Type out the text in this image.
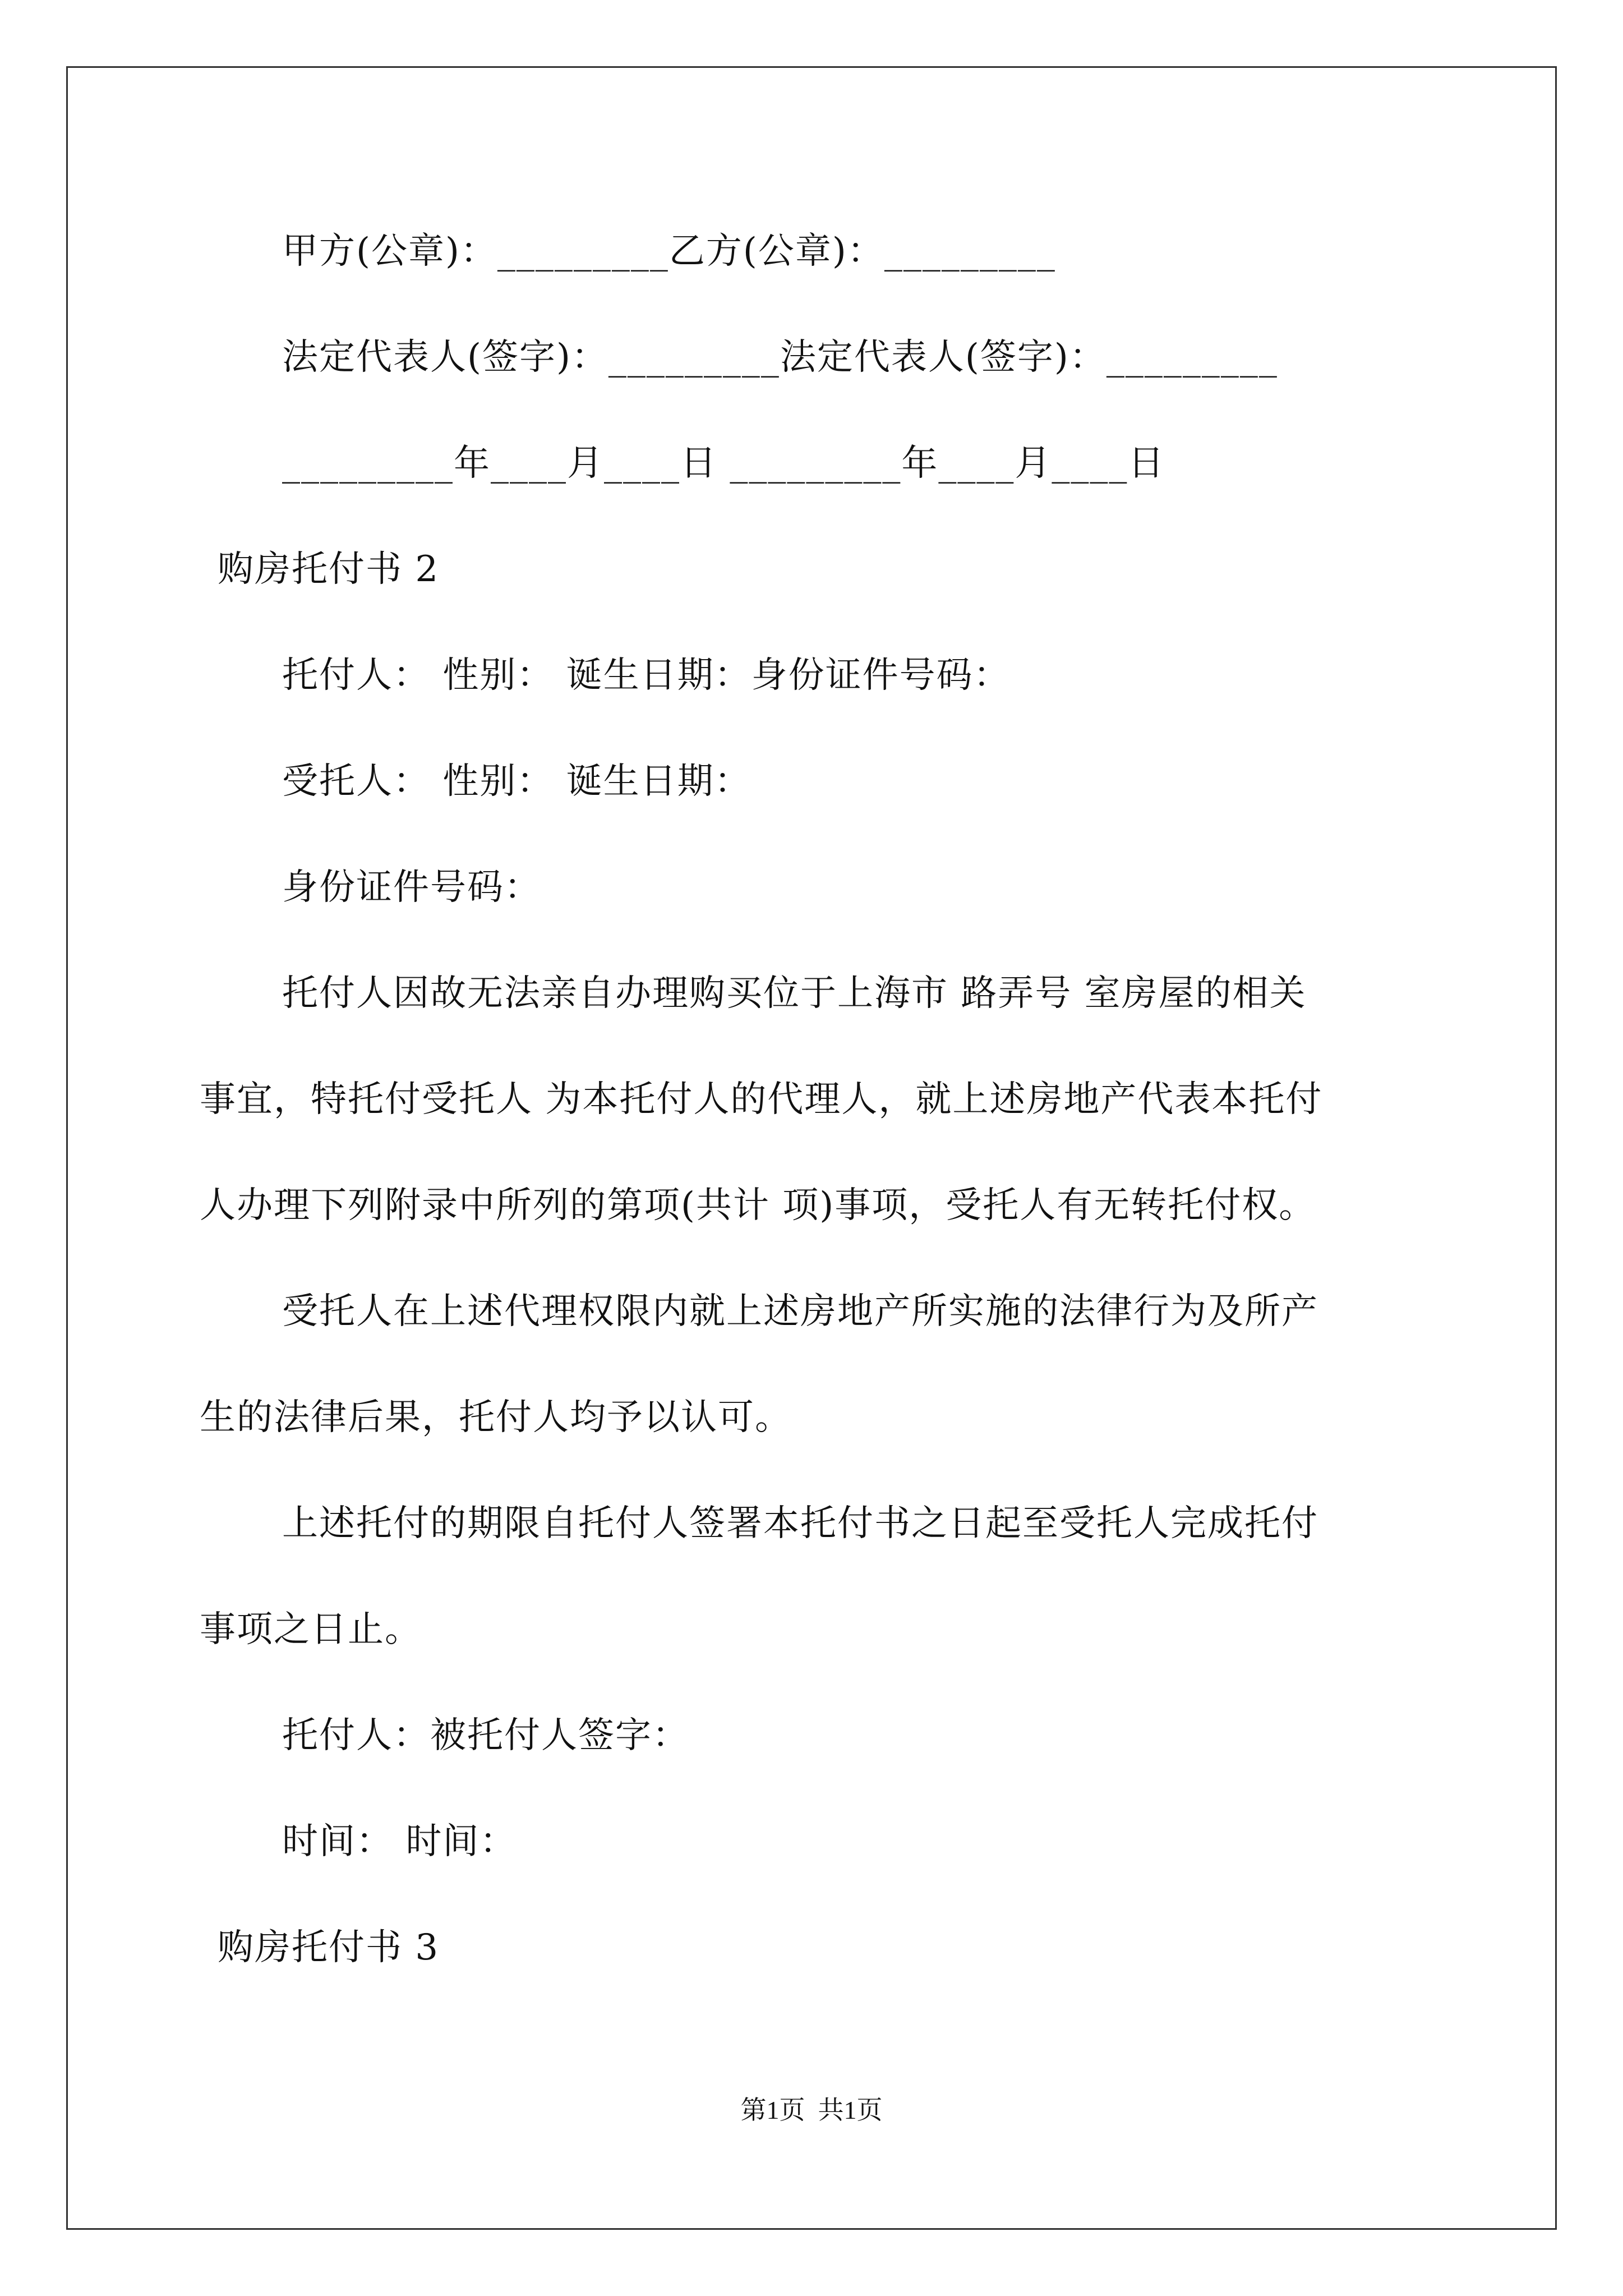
甲方(公章)：_________乙方(公章)：_________

法定代表人(签字)：_________法定代表人(签字)：_________

_________年____月____日 _________年____月____日

购房托付书 2

托付人： 性别： 诞生日期：身份证件号码：

受托人： 性别： 诞生日期：

身份证件号码：

托付人因故无法亲自办理购买位于上海市 路弄号 室房屋的相关

事宜，特托付受托人 为本托付人的代理人，就上述房地产代表本托付

人办理下列附录中所列的第项(共计 项)事项，受托人有无转托付权。

受托人在上述代理权限内就上述房地产所实施的法律行为及所产

生的法律后果，托付人均予以认可。

上述托付的期限自托付人签署本托付书之日起至受托人完成托付

事项之日止。

托付人：被托付人签字：

时间： 时间：

购房托付书 3

第1页  共1页
